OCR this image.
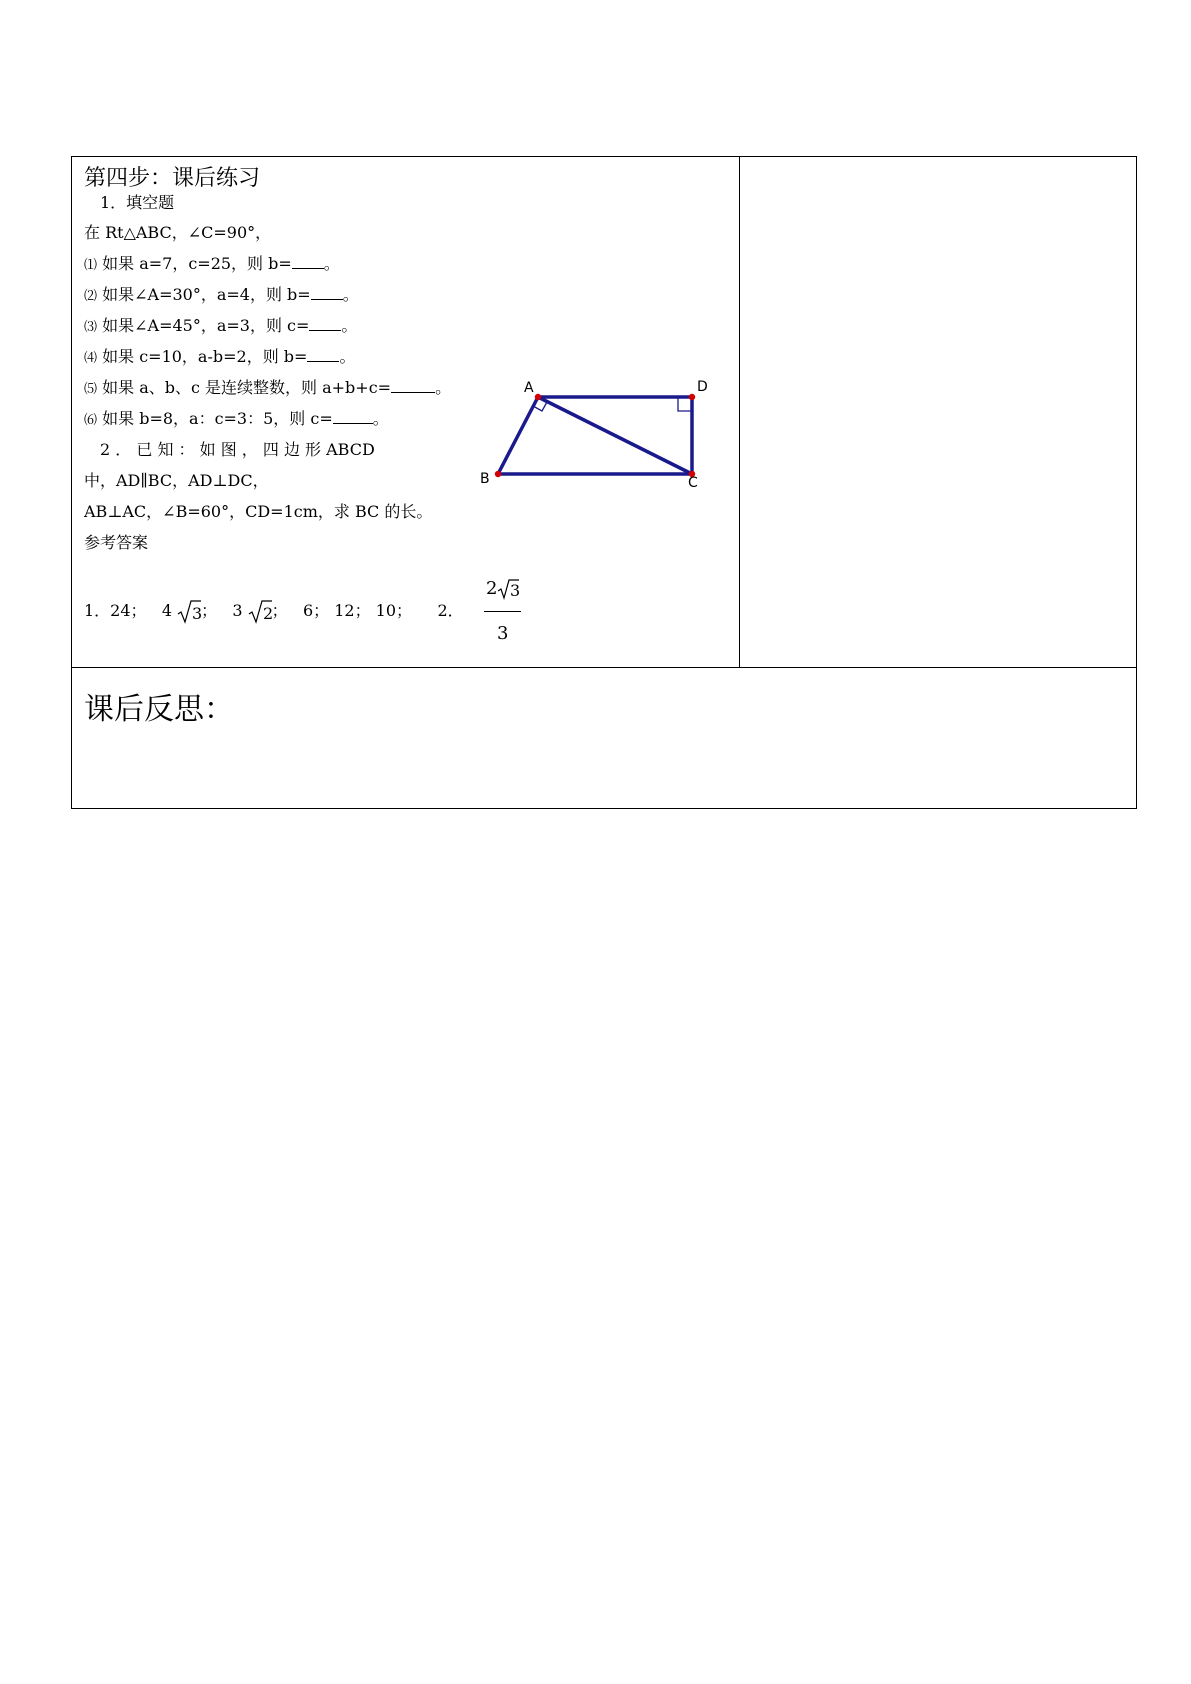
第四步：课后练习
1．填空题
在 Rt△ABC，∠C=90°，
⑴ 如果 a=7，c=25，则 b= 。
⑵ 如果∠A=30°，a=4，则 b= 。
⑶ 如果∠A=45°，a=3，则 c= 。
⑷ 如果 c=10，a-b=2，则 b= 。
⑸ 如果 a、b、c 是连续整数，则 a+b+c=	。
⑹ 如果 b=8，a：c=3：5，则 c=	。
2 ． 已 知 ： 如 图 ， 四 边 形 ABCD
中，AD∥BC，AD⊥DC，
AB⊥AC，∠B=60°，CD=1cm，求 BC 的长。
参考答案
1．24； 4 3
； 3 2
； 6； 12； 10； 2． $\frac{2 3}{3}$
A	D
B	C

课后反思：
